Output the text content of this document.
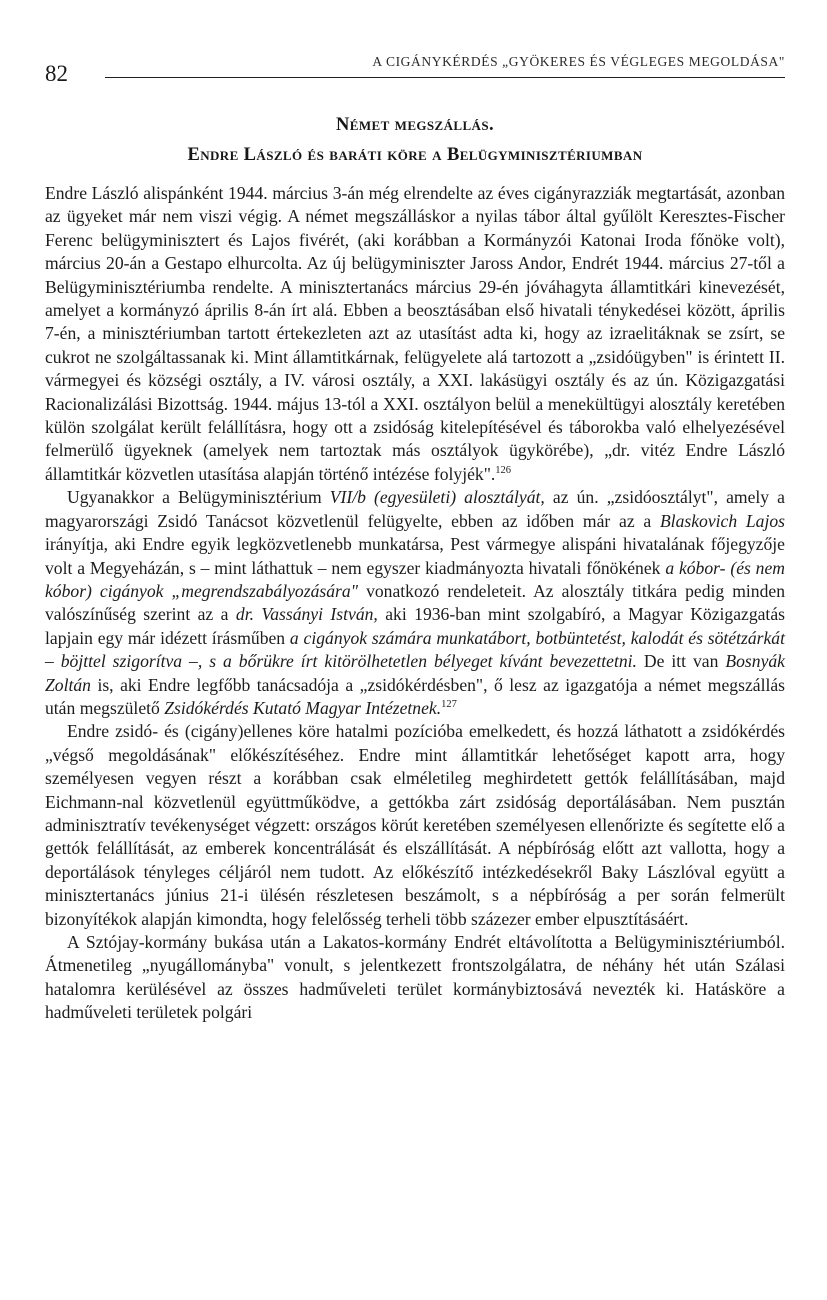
82	A CIGÁNYKÉRDÉS „GYÖKERES ÉS VÉGLEGES MEGOLDÁSA"

Német megszállás.

Endre László és baráti köre a Belügyminisztériumban

Endre László alispánként 1944. március 3-án még elrendelte az éves cigányrazziák megtartását, azonban az ügyeket már nem viszi végig. A német megszálláskor a nyilas tábor által gyűlölt Keresztes-Fischer Ferenc belügyminisztert és Lajos fivérét, (aki korábban a Kormányzói Katonai Iroda főnöke volt), március 20-án a Gestapo elhurcolta. Az új belügyminiszter Jaross Andor, Endrét 1944. március 27-től a Belügyminisztériumba rendelte. A minisztertanács március 29-én jóváhagyta államtitkári kinevezését, amelyet a kormányzó április 8-án írt alá. Ebben a beosztásában első hivatali ténykedései között, április 7-én, a minisztériumban tartott értekezleten azt az utasítást adta ki, hogy az izraelitáknak se zsírt, se cukrot ne szolgáltassanak ki. Mint államtitkárnak, felügyelete alá tartozott a „zsidóügyben" is érintett II. vármegyei és községi osztály, a IV. városi osztály, a XXI. lakásügyi osztály és az ún. Közigazgatási Racionalizálási Bizottság. 1944. május 13-tól a XXI. osztályon belül a menekültügyi alosztály keretében külön szolgálat került felállításra, hogy ott a zsidóság kitelepítésével és táborokba való elhelyezésével felmerülő ügyeknek (amelyek nem tartoztak más osztályok ügykörébe), „dr. vitéz Endre László államtitkár közvetlen utasítása alapján történő intézése folyjék".$^{126}$

Ugyanakkor a Belügyminisztérium VII/b (egyesületi) alosztályát, az ún. „zsidóosztályt", amely a magyarországi Zsidó Tanácsot közvetlenül felügyelte, ebben az időben már az a Blaskovich Lajos irányítja, aki Endre egyik legközvetlenebb munkatársa, Pest vármegye alispáni hivatalának főjegyzője volt a Megyeházán, s – mint láthattuk – nem egyszer kiadmányozta hivatali főnökének a kóbor- (és nem kóbor) cigányok „megrendszabályozására" vonatkozó rendeleteit. Az alosztály titkára pedig minden valószínűség szerint az a dr. Vassányi István, aki 1936-ban mint szolgabíró, a Magyar Közigazgatás lapjain egy már idézett írásműben a cigányok számára munkatábort, botbüntetést, kalodát és sötétzárkát – böjttel szigorítva –, s a bőrükre írt kitörölhetetlen bélyeget kívánt bevezettetni. De itt van Bosnyák Zoltán is, aki Endre legfőbb tanácsadója a „zsidókérdésben", ő lesz az igazgatója a német megszállás után megszülető Zsidókérdés Kutató Magyar Intézetnek.$^{127}$

Endre zsidó- és (cigány)ellenes köre hatalmi pozícióba emelkedett, és hozzá láthatott a zsidókérdés „végső megoldásának" előkészítéséhez. Endre mint államtitkár lehetőséget kapott arra, hogy személyesen vegyen részt a korábban csak elméletileg meghirdetett gettók felállításában, majd Eichmann-nal közvetlenül együttműködve, a gettókba zárt zsidóság deportálásában. Nem pusztán adminisztratív tevékenységet végzett: országos körút keretében személyesen ellenőrizte és segítette elő a gettók felállítását, az emberek koncentrálását és elszállítását. A népbíróság előtt azt vallotta, hogy a deportálások tényleges céljáról nem tudott. Az előkészítő intézkedésekről Baky Lászlóval együtt a minisztertanács június 21-i ülésén részletesen beszámolt, s a népbíróság a per során felmerült bizonyítékok alapján kimondta, hogy felelősség terheli több százezer ember elpusztításáért.

A Sztójay-kormány bukása után a Lakatos-kormány Endrét eltávolította a Belügyminisztériumból. Átmenetileg „nyugállományba" vonult, s jelentkezett frontszolgálatra, de néhány hét után Szálasi hatalomra kerülésével az összes hadműveleti terület kormánybiztosává nevezték ki. Hatásköre a hadműveleti területek polgári
